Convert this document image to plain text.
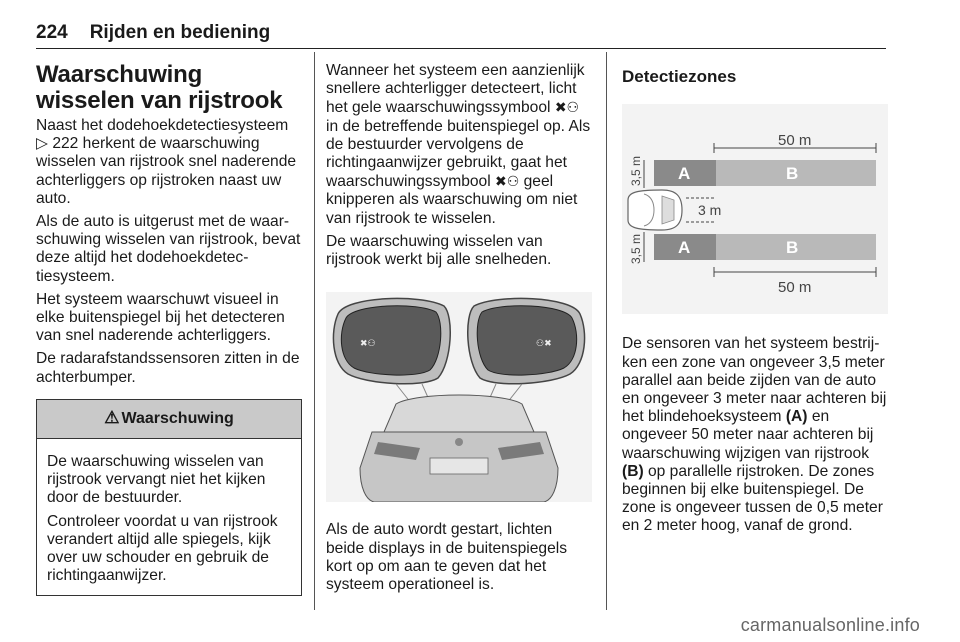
224 Rijden en bediening
Waarschuwing wisselen van rijstrook

Naast het dodehoekdetectiesysteem ▷ 222 herkent de waarschuwing wisselen van rijstrook snel naderende achterliggers op rijstroken naast uw auto.

Als de auto is uitgerust met de waarschuwing wisselen van rijstrook, bevat deze altijd het dodehoekdetectiesysteem.

Het systeem waarschuwt visueel in elke buitenspiegel bij het detecteren van snel naderende achterliggers.

De radarafstandssensoren zitten in de achterbumper.

⚠ Waarschuwing

De waarschuwing wisselen van rijstrook vervangt niet het kijken door de bestuurder.

Controleer voordat u van rijstrook verandert altijd alle spiegels, kijk over uw schouder en gebruik de richtingaanwijzer.

Wanneer het systeem een aanzienlijk snellere achterligger detecteert, licht het gele waarschuwingssymbool ✖⚇ in de betreffende buitenspiegel op. Als de bestuurder vervolgens de richtingaanwijzer gebruikt, gaat het waarschuwingssymbool ✖⚇ geel knipperen als waarschuwing om niet van rijstrook te wisselen.

De waarschuwing wisselen van rijstrook werkt bij alle snelheden.

✖⚇	⚇✖

Als de auto wordt gestart, lichten beide displays in de buitenspiegels kort op om aan te geven dat het systeem operationeel is.

Detectiezones
50 m
A	B
3,5 m
3 m
A	B
3,5 m
50 m

De sensoren van het systeem bestrijken een zone van ongeveer 3,5 meter parallel aan beide zijden van de auto en ongeveer 3 meter naar achteren bij het blindehoeksysteem (A) en ongeveer 50 meter naar achteren bij waarschuwing wijzigen van rijstrook (B) op parallelle rijstroken. De zones beginnen bij elke buitenspiegel. De zone is ongeveer tussen de 0,5 meter en 2 meter hoog, vanaf de grond.

carmanualsonline.info
